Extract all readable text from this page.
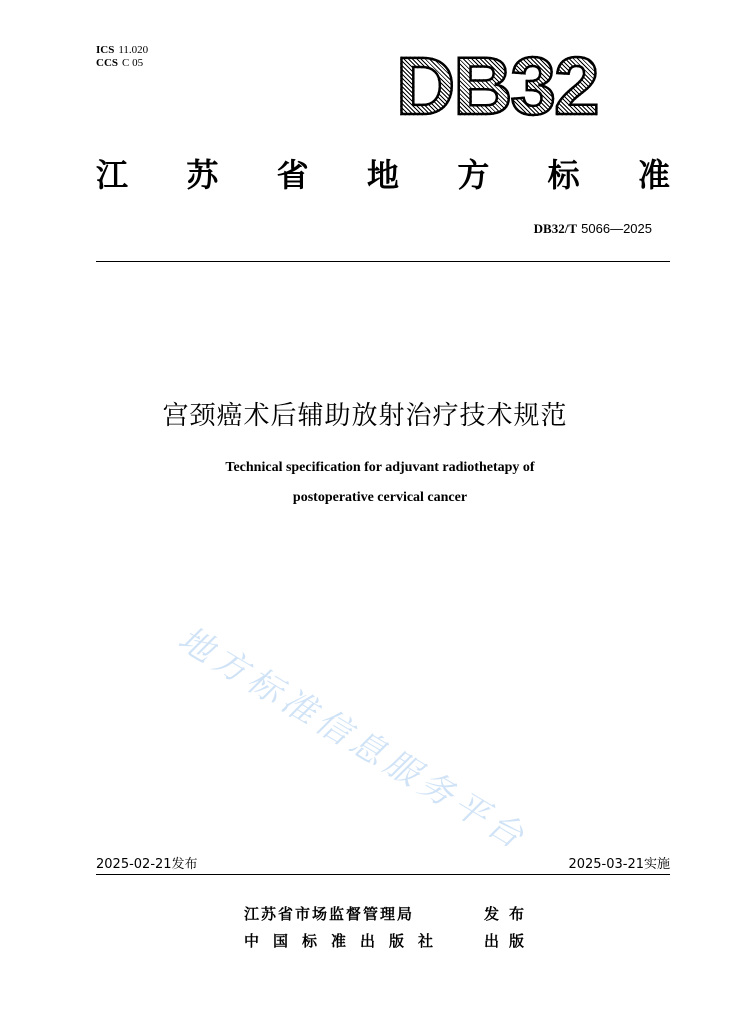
ICS 11.020
CCS C 05	DB32
江 苏 省 地 方 标 准
DB32/T 5066—2025
宫颈癌术后辅助放射治疗技术规范
Technical specification for adjuvant radiothetapy of
postoperative cervical cancer
地方标准信息服务平台
2025-02-21发布	2025-03-21实施
江苏省市场监督管理局	发布
中国标准出版社 出版
